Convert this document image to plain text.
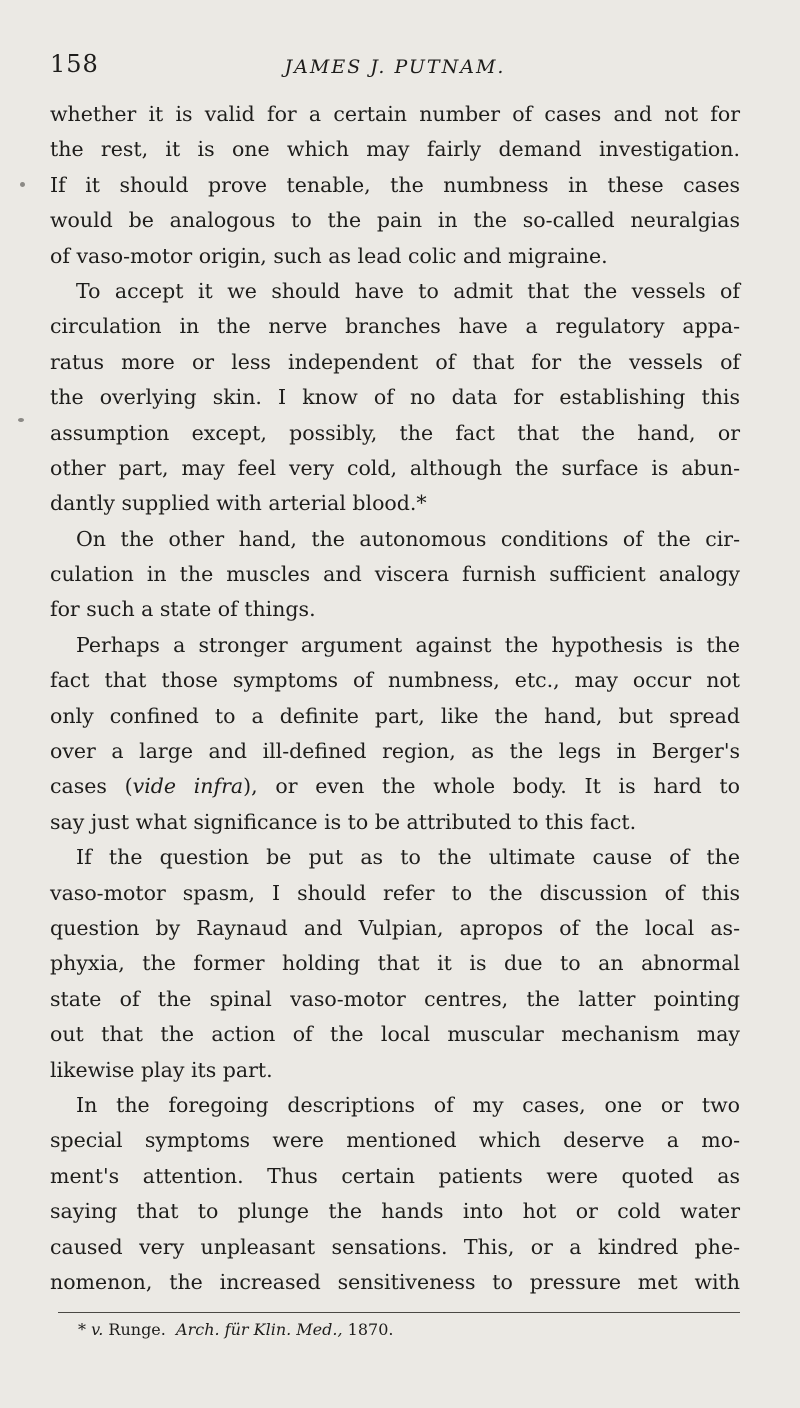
158	JAMES J. PUTNAM.
whether it is valid for a certain number of cases and not for
the rest, it is one which may fairly demand investigation.
If it should prove tenable, the numbness in these cases
would be analogous to the pain in the so-called neuralgias
of vaso-motor origin, such as lead colic and migraine.
To accept it we should have to admit that the vessels of
circulation in the nerve branches have a regulatory appa-
ratus more or less independent of that for the vessels of
the overlying skin. I know of no data for establishing this
assumption except, possibly, the fact that the hand, or
other part, may feel very cold, although the surface is abun-
dantly supplied with arterial blood.*
On the other hand, the autonomous conditions of the cir-
culation in the muscles and viscera furnish sufficient analogy
for such a state of things.
Perhaps a stronger argument against the hypothesis is the
fact that those symptoms of numbness, etc., may occur not
only confined to a definite part, like the hand, but spread
over a large and ill-defined region, as the legs in Berger's
cases (vide infra), or even the whole body. It is hard to
say just what significance is to be attributed to this fact.
If the question be put as to the ultimate cause of the
vaso-motor spasm, I should refer to the discussion of this
question by Raynaud and Vulpian, apropos of the local as-
phyxia, the former holding that it is due to an abnormal
state of the spinal vaso-motor centres, the latter pointing
out that the action of the local muscular mechanism may
likewise play its part.
In the foregoing descriptions of my cases, one or two
special symptoms were mentioned which deserve a mo-
ment's attention. Thus certain patients were quoted as
saying that to plunge the hands into hot or cold water
caused very unpleasant sensations. This, or a kindred phe-
nomenon, the increased sensitiveness to pressure met with
* v. Runge. Arch. für Klin. Med., 1870.
